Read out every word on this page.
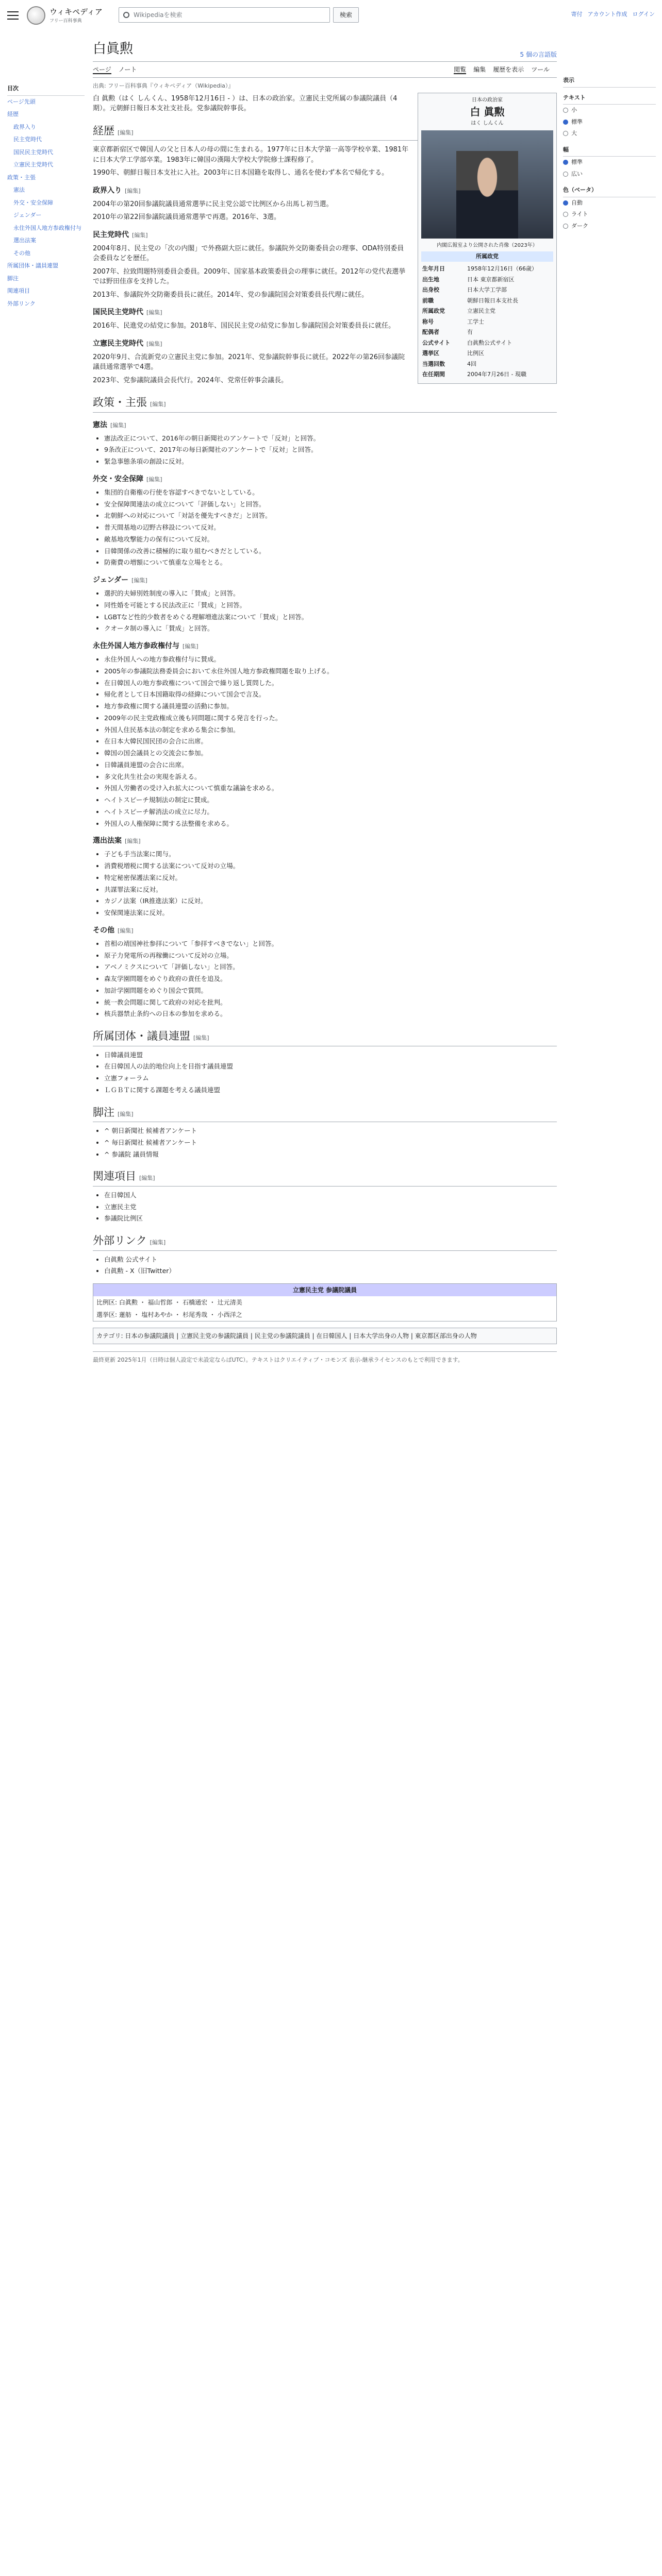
ウィキペディア
フリー百科事典
Wikipediaを検索	検索	寄付 アカウント作成 ログイン
目次
ページ先頭
経歴
政界入り
民主党時代
国民民主党時代
立憲民主党時代
政策・主張
憲法
外交・安全保障
ジェンダー
永住外国人地方参政権付与
選出法案
その他
所属団体・議員連盟
脚注
関連項目
外部リンク
白眞勲	5 個の言語版
ページ ノート	閲覧 編集 履歴を表示 ツール
出典: フリー百科事典『ウィキペディア（Wikipedia）』
日本の政治家
白 眞勲
はく しんくん
内閣広報室より公開された肖像（2023年）
所属政党
生年月日	1958年12月16日（66歳）
出生地	日本 東京都新宿区
出身校	日本大学工学部
前職	朝鮮日報日本支社長
所属政党	立憲民主党
称号	工学士
配偶者	有
公式サイト	白眞勲公式サイト
選挙区	比例区
当選回数	4回
在任期間	2004年7月26日 - 現職

白 眞勲（はく しんくん、1958年12月16日 - ）は、日本の政治家。立憲民主党所属の参議院議員（4期）。元朝鮮日報日本支社支社長。党参議院幹事長。

経歴 [編集]

東京都新宿区で韓国人の父と日本人の母の間に生まれる。1977年に日本大学第一高等学校卒業、1981年に日本大学工学部卒業。1983年に韓国の漢陽大学校大学院修士課程修了。

1990年、朝鮮日報日本支社に入社。2003年に日本国籍を取得し、通名を使わず本名で帰化する。

政界入り [編集]

2004年の第20回参議院議員通常選挙に民主党公認で比例区から出馬し初当選。

2010年の第22回参議院議員通常選挙で再選。2016年、3選。

民主党時代 [編集]

2004年8月、民主党の「次の内閣」で外務副大臣に就任。参議院外交防衛委員会の理事、ODA特別委員会委員などを歴任。

2007年、拉致問題特別委員会委員。2009年、国家基本政策委員会の理事に就任。2012年の党代表選挙では野田佳彦を支持した。

2013年、参議院外交防衛委員長に就任。2014年、党の参議院国会対策委員長代理に就任。

国民民主党時代 [編集]

2016年、民進党の結党に参加。2018年、国民民主党の結党に参加し参議院国会対策委員長に就任。

立憲民主党時代 [編集]

2020年9月、合流新党の立憲民主党に参加。2021年、党参議院幹事長に就任。2022年の第26回参議院議員通常選挙で4選。

2023年、党参議院議員会長代行。2024年、党常任幹事会議長。

政策・主張 [編集]
憲法 [編集]
• 憲法改正について、2016年の朝日新聞社のアンケートで「反対」と回答。
• 9条改正について、2017年の毎日新聞社のアンケートで「反対」と回答。
• 緊急事態条項の創設に反対。
外交・安全保障 [編集]
• 集団的自衛権の行使を容認すべきでないとしている。
• 安全保障関連法の成立について「評価しない」と回答。
• 北朝鮮への対応について「対話を優先すべきだ」と回答。
• 普天間基地の辺野古移設について反対。
• 敵基地攻撃能力の保有について反対。
• 日韓関係の改善に積極的に取り組むべきだとしている。
• 防衛費の増額について慎重な立場をとる。
ジェンダー [編集]
• 選択的夫婦別姓制度の導入に「賛成」と回答。
• 同性婚を可能とする民法改正に「賛成」と回答。
• LGBTなど性的少数者をめぐる理解増進法案について「賛成」と回答。
• クオータ制の導入に「賛成」と回答。
永住外国人地方参政権付与 [編集]
• 永住外国人への地方参政権付与に賛成。
• 2005年の参議院法務委員会において永住外国人地方参政権問題を取り上げる。
• 在日韓国人の地方参政権について国会で繰り返し質問した。
• 帰化者として日本国籍取得の経緯について国会で言及。
• 地方参政権に関する議員連盟の活動に参加。
• 2009年の民主党政権成立後も同問題に関する発言を行った。
• 外国人住民基本法の制定を求める集会に参加。
• 在日本大韓民国民団の会合に出席。
• 韓国の国会議員との交流会に参加。
• 日韓議員連盟の会合に出席。
• 多文化共生社会の実現を訴える。
• 外国人労働者の受け入れ拡大について慎重な議論を求める。
• ヘイトスピーチ規制法の制定に賛成。
• ヘイトスピーチ解消法の成立に尽力。
• 外国人の人権保障に関する法整備を求める。
選出法案 [編集]
• 子ども手当法案に関与。
• 消費税増税に関する法案について反対の立場。
• 特定秘密保護法案に反対。
• 共謀罪法案に反対。
• カジノ法案（IR推進法案）に反対。
• 安保関連法案に反対。
その他 [編集]
• 首相の靖国神社参拝について「参拝すべきでない」と回答。
• 原子力発電所の再稼働について反対の立場。
• アベノミクスについて「評価しない」と回答。
• 森友学園問題をめぐり政府の責任を追及。
• 加計学園問題をめぐり国会で質問。
• 統一教会問題に関して政府の対応を批判。
• 核兵器禁止条約への日本の参加を求める。
所属団体・議員連盟 [編集]
• 日韓議員連盟
• 在日韓国人の法的地位向上を目指す議員連盟
• 立憲フォーラム
• ＬＧＢＴに関する課題を考える議員連盟
脚注 [編集]
• ^ 朝日新聞社 候補者アンケート
• ^ 毎日新聞社 候補者アンケート
• ^ 参議院 議員情報
関連項目 [編集]
• 在日韓国人
• 立憲民主党
• 参議院比例区
外部リンク [編集]
• 白眞勲 公式サイト
• 白眞勲 - X（旧Twitter）
立憲民主党 参議院議員
比例区: 白眞勲 ・ 福山哲郎 ・ 石橋通宏 ・ 辻元清美
選挙区: 蓮舫 ・ 塩村あやか ・ 杉尾秀哉 ・ 小西洋之
カテゴリ: 日本の参議院議員 | 立憲民主党の参議院議員 | 民主党の参議院議員 | 在日韓国人 | 日本大学出身の人物 | 東京都区部出身の人物
最終更新 2025年1月（日時は個人設定で未設定ならばUTC）。テキストはクリエイティブ・コモンズ 表示-継承ライセンスのもとで利用できます。
表示
テキスト
小
標準
大
幅
標準
広い
色（ベータ）
自動
ライト
ダーク
